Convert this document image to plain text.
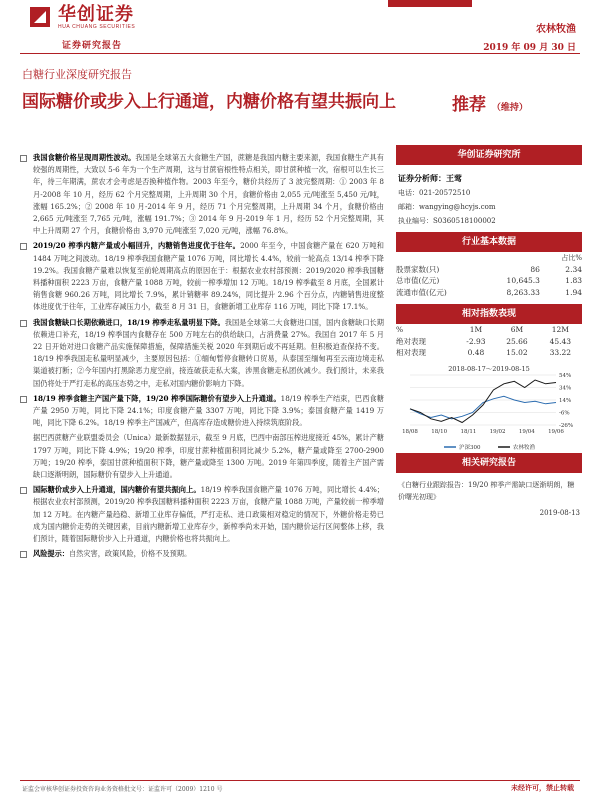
华创证券
HUA CHUANG SECURITIES
证券研究报告
农林牧渔
2019 年 09 月 30 日
白糖行业深度研究报告
国际糖价或步入上行通道，内糖价格有望共振向上	推荐 （维持）
我国食糖价格呈现周期性波动。我国是全球第五大食糖生产国，蔗糖是我国内糖主要来源，我国食糖生产具有较强的周期性，大致以 5-6 年为一个生产周期，这与甘蔗宿根性特点相关，即甘蔗种植一次，宿根可以生长三年，待三年期满，蔗农才会考虑是否换种植作物。2003 年至今，糖价共经历了 3 波完整周期：① 2003 年 8 月-2008 年 10 月，经历 62 个月完整周期，上升周期 30 个月，食糖价格由 2,055 元/吨涨至 5,450 元/吨，涨幅 165.2%；② 2008 年 10 月-2014 年 9 月，经历 71 个月完整周期，上升周期 34 个月，食糖价格由 2,665 元/吨涨至 7,765 元/吨，涨幅 191.7%；③ 2014 年 9 月-2019 年 1 月，经历 52 个月完整周期，其中上升周期 27 个月，食糖价格由 3,970 元/吨涨至 7,020 元/吨，涨幅 76.8%。
2019/20 榨季内糖产量或小幅回升，内糖销售进度优于往年。2000 年至今，中国食糖产量在 620 万吨和 1484 万吨之间波动。18/19 榨季我国食糖产量 1076 万吨，同比增长 4.4%，较前一轮高点 13/14 榨季下降 19.2%。我国食糖产量难以恢复至前轮周期高点的原因在于：根据农业农村部预测：2019/2020 榨季我国糖料播种面积 2223 万亩，食糖产量 1088 万吨，较前一榨季增加 12 万吨。18/19 榨季截至 8 月底，全国累计销售食糖 960.26 万吨，同比增长 7.9%，累计销糖率 89.24%，同比提升 2.96 个百分点，内糖销售进度整体进度优于往年，工业库存减压力小，截至 8 月 31 日，食糖新增工业库存 116 万吨，同比下降 17.1%。
我国食糖缺口长期依赖进口，18/19 榨季走私量明显下降。我国是全球第二大食糖进口国，国内食糖缺口长期依赖进口补充，18/19 榨季国内食糖存在 500 万吨左右的供给缺口，占消费量 27%。我国自 2017 年 5 月 22 日开始对进口食糖产品实施保障措施，保障措施关税 2020 年到期后或不再延期。但积极迫查保持不变。18/19 榨季我国走私量明显减少，主要原因包括：①缅甸暂停食糖转口贸易，从泰国至缅甸再至云南边境走私渠道被打断；②今年国内打黑除恶力度空前，接连破获走私大案，涉黑食糖走私团伙减少。我们预计，未来我国仍将处于严打走私的高压态势之中，走私对国内糖价影响力下降。
18/19 榨季食糖主产国产量下降，19/20 榨季国际糖价有望步入上升通道。18/19 榨季生产结束，巴西食糖产量 2950 万吨，同比下降 24.1%；印度食糖产量 3307 万吨，同比下降 3.9%；泰国食糖产量 1419 万吨，同比下降 6.2%。18/19 榨季主产国减产，但高库存造成糖价进入持续筑底阶段。
据巴西蔗糖产业联盟委员会（Unica）最新数据显示，截至 9 月底，巴西中南部压榨进度接近 45%，累计产糖 1797 万吨，同比下降 4.9%；19/20 榨季，印度甘蔗种植面积同比减少 5.2%，糖产量或降至 2700-2900 万吨；19/20 榨季，泰国甘蔗种植面积下降，糖产量或降至 1300 万吨。2019 年第四季度，随着主产国产需缺口逐渐明朗，国际糖价有望步入上升通道。
国际糖价或步入上升通道，国内糖价有望共振向上。18/19 榨季我国食糖产量 1076 万吨，同比增长 4.4%；根据农业农村部预测，2019/20 榨季我国糖料播种面积 2223 万亩，食糖产量 1088 万吨，产量较前一榨季增加 12 万吨。在内糖产量趋稳、新增工业库存偏低，严打走私、进口政策相对稳定的情况下，外糖价格走势已成为国内糖价走势的关键因素，目前内糖新增工业库存少，新榨季尚未开始，国内糖价运行区间整体上移，我们预计，随着国际糖价步入上升通道，内糖价格也将共振向上。
风险提示：自然灾害，政策风险，价格不及预期。
华创证券研究所
证券分析师：王莺
电话：021-20572510
邮箱：wangying@hcyjs.com
执业编号：S0360518100002
行业基本数据
		占比%
股票家数(只)	86	2.34
总市值(亿元)	10,645.3	1.83
流通市值(亿元)	8,263.33	1.94
相对指数表现
%	1M	6M	12M
绝对表现	-2.93	25.66	45.43
相对表现	0.48	15.02	33.22
2018-08-17～2019-08-15
54%
34%
14%
-6%
-26%
18/08 18/10 18/11 19/02 19/04 19/06
沪深300	农林牧渔
相关研究报告
《白糖行业跟踪报告：19/20 榨季产需缺口逐渐明朗，糖价曙光初现》
2019-08-13
证监会审核华创证券投资咨询业务资格批文号：证监许可（2009）1210 号	未经许可，禁止转载
